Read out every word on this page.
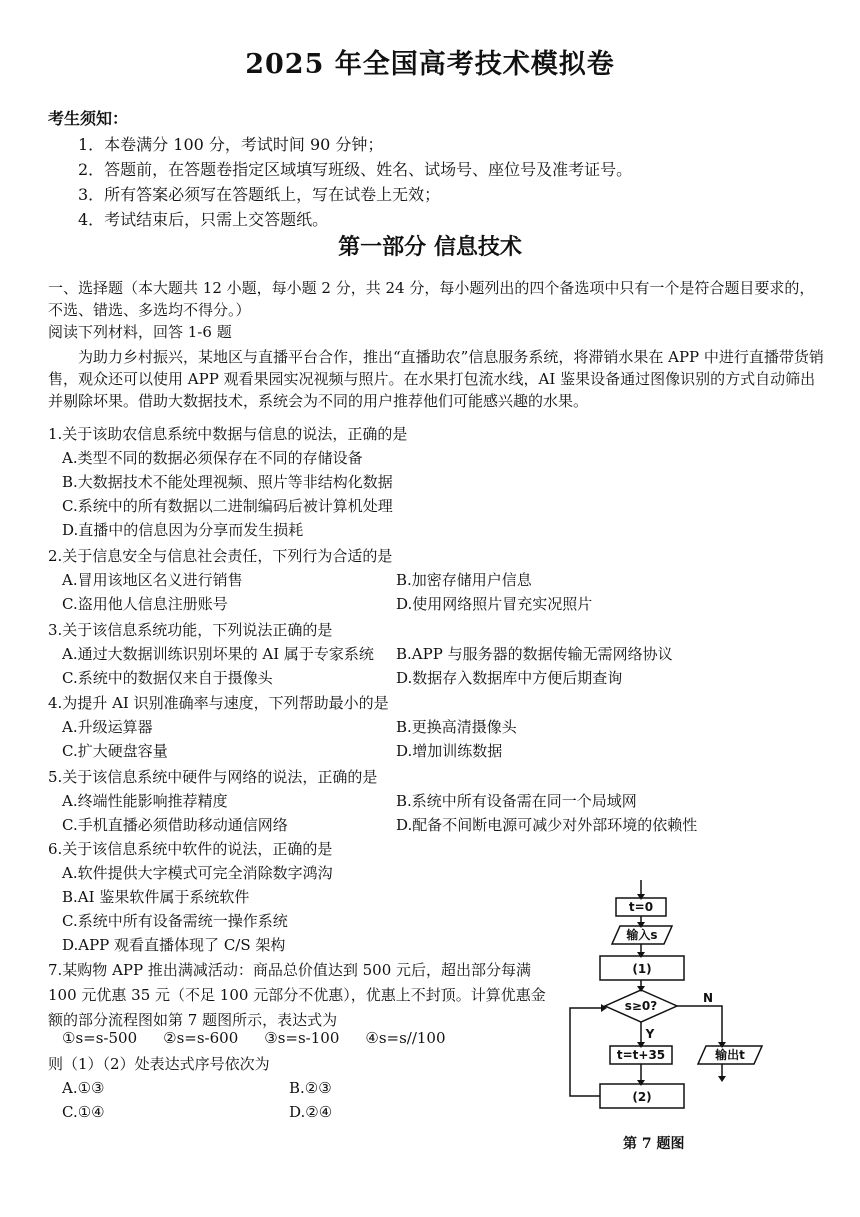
2025 年全国高考技术模拟卷
考生须知：
1．本卷满分 100 分，考试时间 90 分钟；
2．答题前，在答题卷指定区域填写班级、姓名、试场号、座位号及准考证号。
3．所有答案必须写在答题纸上，写在试卷上无效；
4．考试结束后，只需上交答题纸。
第一部分 信息技术
一、选择题（本大题共 12 小题，每小题 2 分，共 24 分，每小题列出的四个备选项中只有一个是符合题目要求的，不选、错选、多选均不得分。）
阅读下列材料，回答 1-6 题
为助力乡村振兴，某地区与直播平台合作，推出“直播助农”信息服务系统，将滞销水果在 APP 中进行直播带货销售，观众还可以使用 APP 观看果园实况视频与照片。在水果打包流水线，AI 鉴果设备通过图像识别的方式自动筛出并剔除坏果。借助大数据技术，系统会为不同的用户推荐他们可能感兴趣的水果。
1.关于该助农信息系统中数据与信息的说法，正确的是
A.类型不同的数据必须保存在不同的存储设备
B.大数据技术不能处理视频、照片等非结构化数据
C.系统中的所有数据以二进制编码后被计算机处理
D.直播中的信息因为分享而发生损耗
2.关于信息安全与信息社会责任，下列行为合适的是
A.冒用该地区名义进行销售	B.加密存储用户信息
C.盗用他人信息注册账号	D.使用网络照片冒充实况照片
3.关于该信息系统功能，下列说法正确的是
A.通过大数据训练识别坏果的 AI 属于专家系统 B.APP 与服务器的数据传输无需网络协议
C.系统中的数据仅来自于摄像头	D.数据存入数据库中方便后期查询
4.为提升 AI 识别准确率与速度，下列帮助最小的是
A.升级运算器	B.更换高清摄像头
C.扩大硬盘容量	D.增加训练数据
5.关于该信息系统中硬件与网络的说法，正确的是
A.终端性能影响推荐精度	B.系统中所有设备需在同一个局域网
C.手机直播必须借助移动通信网络	D.配备不间断电源可减少对外部环境的依赖性
6.关于该信息系统中软件的说法，正确的是
A.软件提供大字模式可完全消除数字鸿沟
B.AI 鉴果软件属于系统软件
C.系统中所有设备需统一操作系统
D.APP 观看直播体现了 C/S 架构
7.某购物 APP 推出满减活动：商品总价值达到 500 元后，超出部分每满 100 元优惠 35 元（不足 100 元部分不优惠），优惠上不封顶。计算优惠金额的部分流程图如第 7 题图所示，表达式为
①s=s-500 ②s=s-600 ③s=s-100 ④s=s//100
则（1）（2）处表达式序号依次为
A.①③	B.②③
C.①④	D.②④
t=0
输入s
(1)
s≥0?
Y
N
t=t+35	输出t
(2)
第 7 题图
